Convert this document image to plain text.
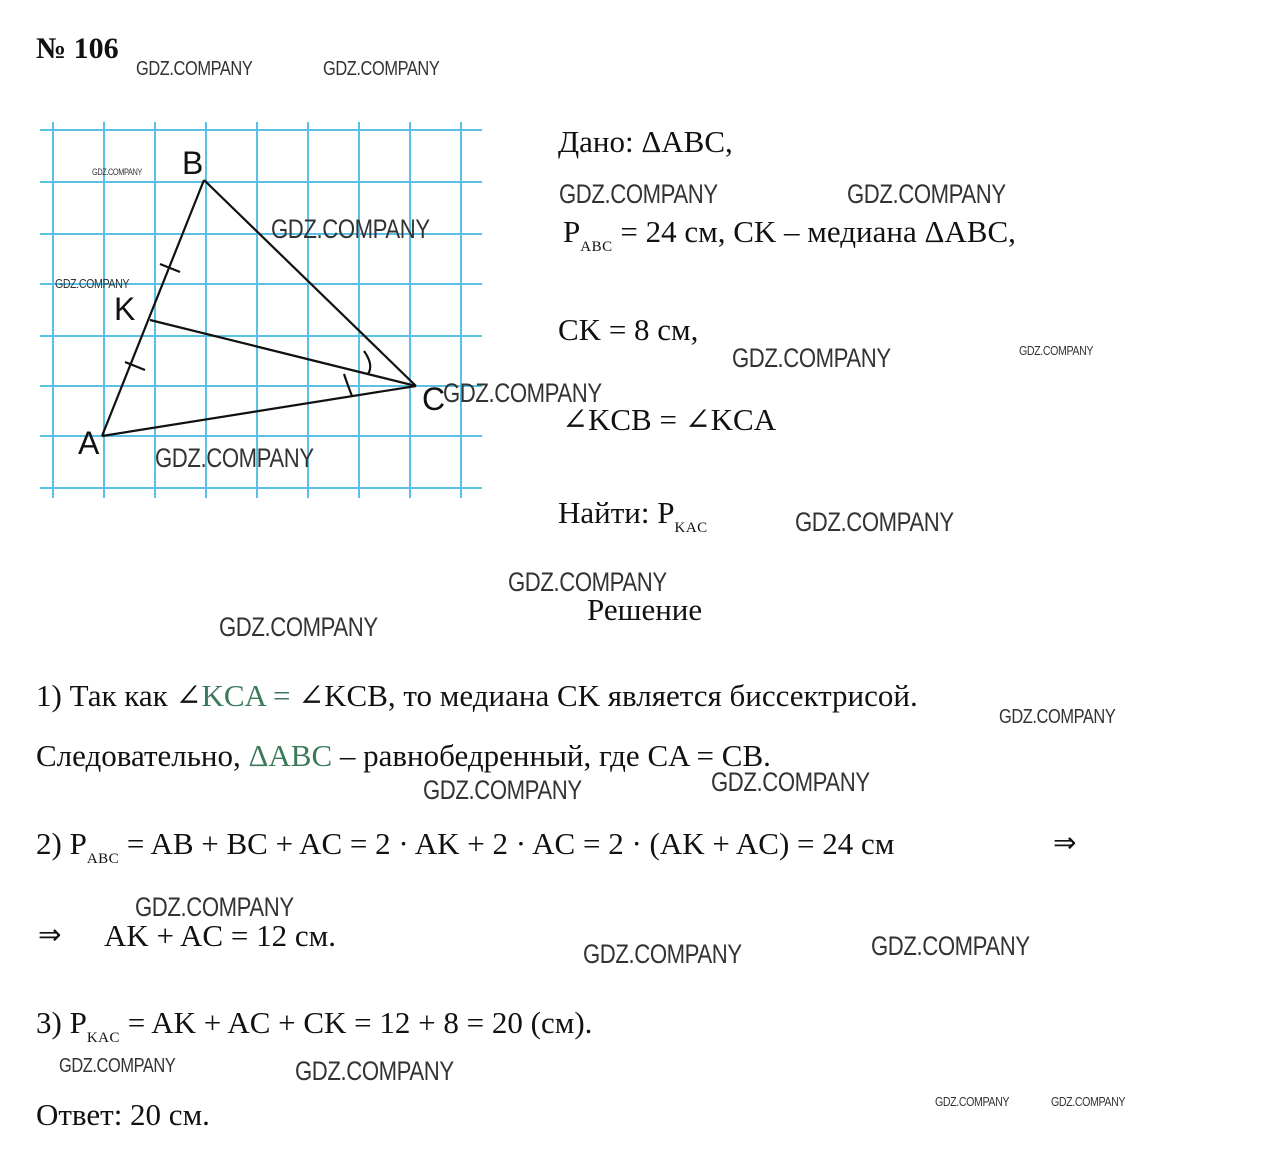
№ 106
B
K
C
A
Дано: ΔABC,
$P_{ABC} = 24$ см, CK – медиана ΔABC,
CK = 8 см,
∠KCB = ∠KCA
Найти: $P_{KAC}$
Решение
1) Так как ∠KCA = ∠KCB, то медиана CK является биссектрисой.
Следовательно, ΔABC – равнобедренный, где CA = CB.
2) $P_{ABC}$ = AB + BC + AC = 2 · AK + 2 · AC = 2 · (AK + AC) = 24 см	⇒
⇒ AK + AC = 12 см.
3) $P_{KAC}$ = AK + AC + CK = 12 + 8 = 20 (см).
Ответ: 20 см.
GDZ.COMPANY	GDZ.COMPANY
GDZ.COMPANY
GDZ.COMPANY
GDZ.COMPANY
GDZ.COMPANY
GDZ.COMPANY
GDZ.COMPANY	GDZ.COMPANY
GDZ.COMPANY	GDZ.COMPANY
GDZ.COMPANY
GDZ.COMPANY
GDZ.COMPANY
GDZ.COMPANY
GDZ.COMPANY
GDZ.COMPANY
GDZ.COMPANY
GDZ.COMPANY
GDZ.COMPANY
GDZ.COMPANY	GDZ.COMPANY
GDZ.COMPANY	GDZ.COMPANY
